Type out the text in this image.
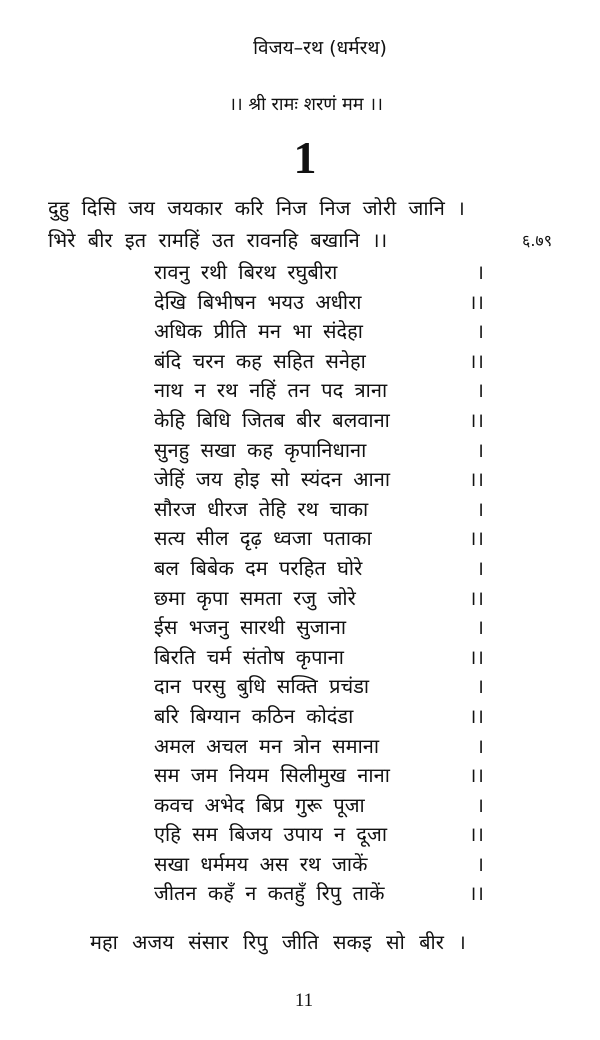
विजय–रथ (धर्मरथ)
।। श्री रामः शरणं मम ।।
1
दुहु दिसि जय जयकार करि निज निज जोरी जानि ।
भिरे बीर इत रामहिं उत रावनहि बखानि ।।	६.७९
रावनु रथी बिरथ रघुबीरा	।
देखि बिभीषन भयउ अधीरा	।।
अधिक प्रीति मन भा संदेहा	।
बंदि चरन कह सहित सनेहा	।।
नाथ न रथ नहिं तन पद त्राना	।
केहि बिधि जितब बीर बलवाना	।।
सुनहु सखा कह कृपानिधाना	।
जेहिं जय होइ सो स्यंदन आना	।।
सौरज धीरज तेहि रथ चाका	।
सत्य सील दृढ़ ध्वजा पताका	।।
बल बिबेक दम परहित घोरे	।
छमा कृपा समता रजु जोरे	।।
ईस भजनु सारथी सुजाना	।
बिरति चर्म संतोष कृपाना	।।
दान परसु बुधि सक्ति प्रचंडा	।
बरि बिग्यान कठिन कोदंडा	।।
अमल अचल मन त्रोन समाना	।
सम जम नियम सिलीमुख नाना	।।
कवच अभेद बिप्र गुरू पूजा	।
एहि सम बिजय उपाय न दूजा	।।
सखा धर्ममय अस रथ जाकें	।
जीतन कहँ न कतहुँ रिपु ताकें	।।
महा अजय संसार रिपु जीति सकइ सो बीर ।
11
